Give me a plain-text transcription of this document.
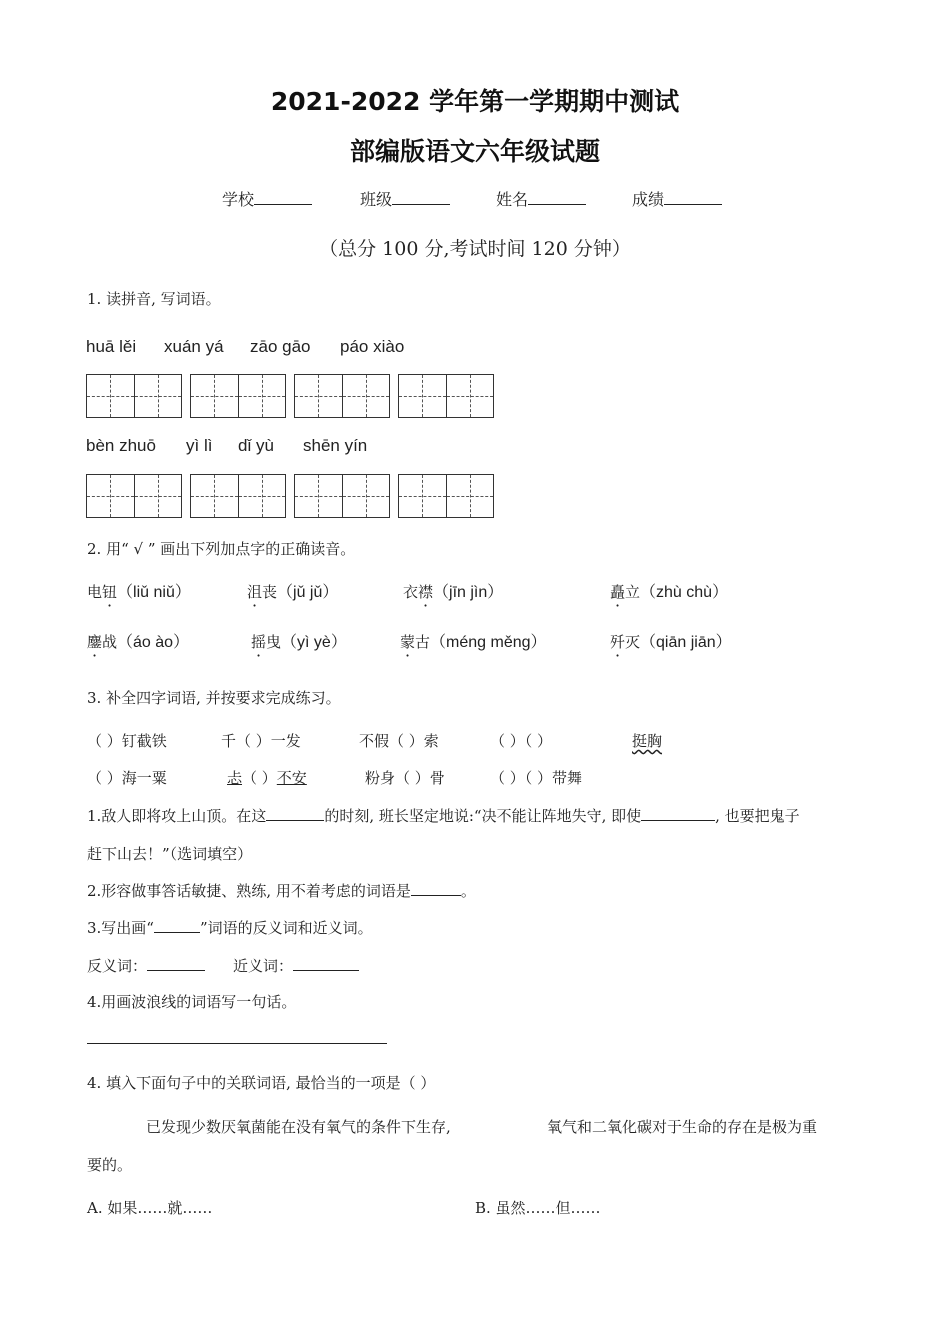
2021-2022 学年第一学期期中测试
部编版语文六年级试题
学校	班级	姓名	成绩
（总分 100 分,考试时间 120 分钟）
1. 读拼音, 写词语。
huā lěi xuán yá zāo gāo páo xiào
bèn zhuō yì lì dǐ yù shēn yín
2. 用“ √ ” 画出下列加点字的正确读音。
电钮（liǔ niǔ）	沮丧（jǔ jǔ）	衣襟（jīn jìn）	矗立（zhù chù）
鏖战（áo ào）	摇曳（yì yè）	蒙古（méng měng）	歼灭（qiān jiān）
3. 补全四字词语, 并按要求完成练习。
（ ）钉截铁	千（ ）一发	不假（ ）索	（ ）（ ）	挺胸
（ ）海一粟	忐（ ）不安	粉身（ ）骨	（ ）（ ）带舞
1.敌人即将攻上山顶。在这	的时刻, 班长坚定地说:“决不能让阵地失守, 即使	, 也要把鬼子
赶下山去！”（选词填空）
2.形容做事答话敏捷、熟练, 用不着考虑的词语是	。
3.写出画“	”词语的反义词和近义词。
反义词：	近义词：
4.用画波浪线的词语写一句话。
4. 填入下面句子中的关联词语, 最恰当的一项是（ ）
已发现少数厌氧菌能在没有氧气的条件下生存,	氧气和二氧化碳对于生命的存在是极为重
要的。
A. 如果……就……	B. 虽然……但……
